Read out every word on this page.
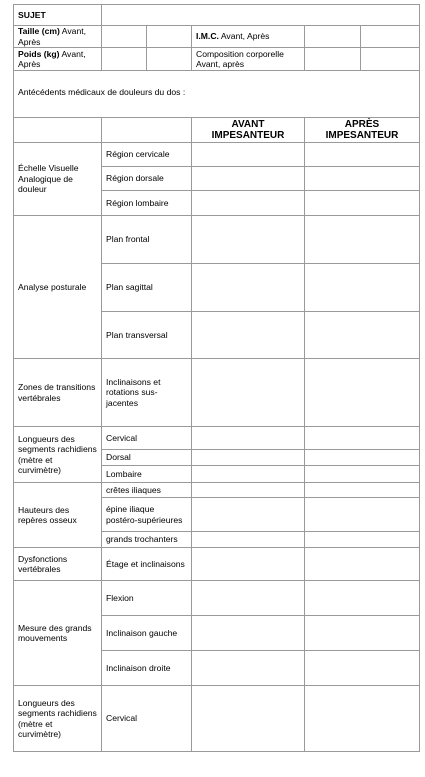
SUJET					
Taille (cm) Avant, Après			I.M.C. Avant, Après		
Poids (kg) Avant, Après			Composition corporelle Avant, après		
Antécédents médicaux de douleurs du dos :					
		AVANT IMPESANTEUR	APRÈS IMPESANTEUR
Échelle Visuelle Analogique de douleur	Région cervicale		
	Région dorsale		
	Région lombaire		
Analyse posturale	Plan frontal		
	Plan sagittal		
	Plan transversal		
Zones de transitions vertébrales	Inclinaisons et rotations sus-jacentes		
Longueurs des segments rachidiens (mètre et curvimètre)	Cervical		
	Dorsal		
	Lombaire		
Hauteurs des repères osseux	crêtes iliaques		
	épine iliaque postéro-supérieures		
	grands trochanters		
Dysfonctions vertébrales	Étage et inclinaisons		
Mesure des grands mouvements	Flexion		
	Inclinaison gauche		
	Inclinaison droite		
Longueurs des segments rachidiens (mètre et curvimètre)	Cervical		
